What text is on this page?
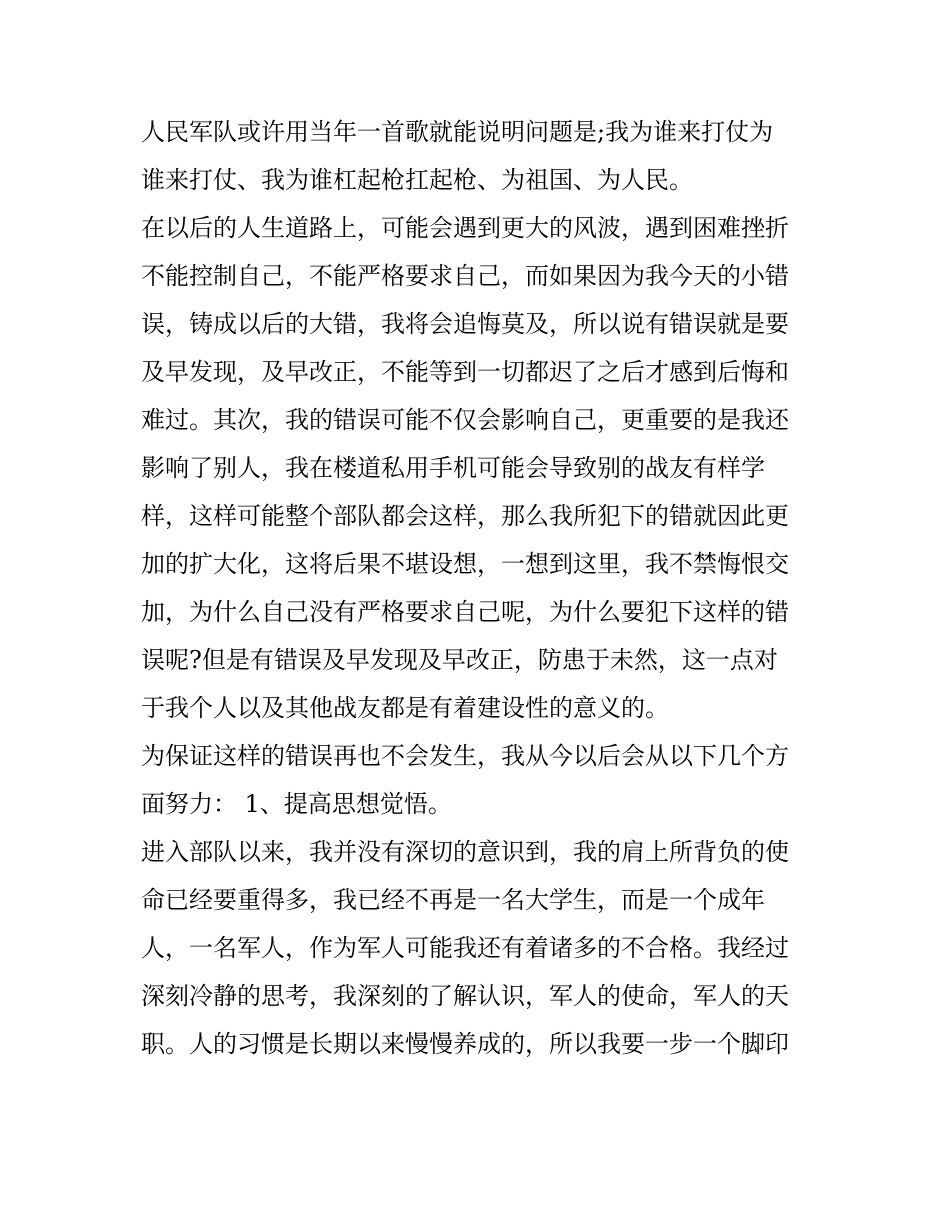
人民军队或许用当年一首歌就能说明问题是;我为谁来打仗为
谁来打仗、我为谁杠起枪扛起枪、为祖国、为人民。
在以后的人生道路上，可能会遇到更大的风波，遇到困难挫折
不能控制自己，不能严格要求自己，而如果因为我今天的小错
误，铸成以后的大错，我将会追悔莫及，所以说有错误就是要
及早发现，及早改正，不能等到一切都迟了之后才感到后悔和
难过。其次，我的错误可能不仅会影响自己，更重要的是我还
影响了别人，我在楼道私用手机可能会导致别的战友有样学
样，这样可能整个部队都会这样，那么我所犯下的错就因此更
加的扩大化，这将后果不堪设想，一想到这里，我不禁悔恨交
加，为什么自己没有严格要求自己呢，为什么要犯下这样的错
误呢?但是有错误及早发现及早改正，防患于未然，这一点对
于我个人以及其他战友都是有着建设性的意义的。
为保证这样的错误再也不会发生，我从今以后会从以下几个方
面努力： 1、提高思想觉悟。
进入部队以来，我并没有深切的意识到，我的肩上所背负的使
命已经要重得多，我已经不再是一名大学生，而是一个成年
人，一名军人，作为军人可能我还有着诸多的不合格。我经过
深刻冷静的思考，我深刻的了解认识，军人的使命，军人的天
职。人的习惯是长期以来慢慢养成的，所以我要一步一个脚印
